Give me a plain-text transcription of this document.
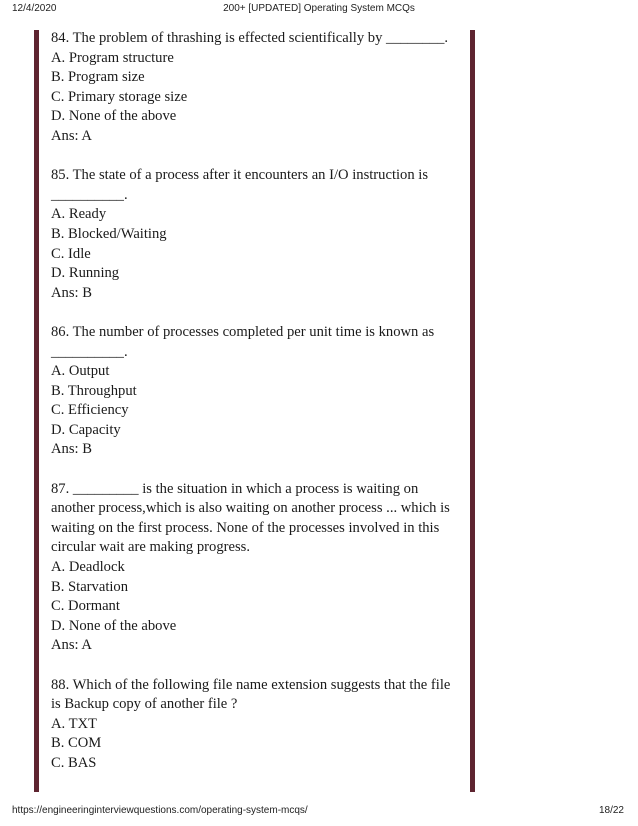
12/4/2020	200+ [UPDATED] Operating System MCQs
84. The problem of thrashing is effected scientifically by ________.
A. Program structure
B. Program size
C. Primary storage size
D. None of the above
Ans: A
85. The state of a process after it encounters an I/O instruction is __________.
A. Ready
B. Blocked/Waiting
C. Idle
D. Running
Ans: B
86. The number of processes completed per unit time is known as __________.
A. Output
B. Throughput
C. Efficiency
D. Capacity
Ans: B
87. _________ is the situation in which a process is waiting on another process,which is also waiting on another process ... which is waiting on the first process. None of the processes involved in this circular wait are making progress.
A. Deadlock
B. Starvation
C. Dormant
D. None of the above
Ans: A
88. Which of the following file name extension suggests that the file is Backup copy of another file ?
A. TXT
B. COM
C. BAS
https://engineeringinterviewquestions.com/operating-system-mcqs/	18/22
